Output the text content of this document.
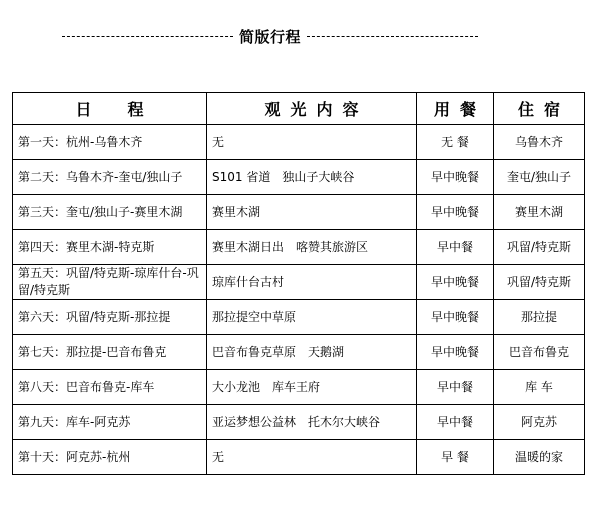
简版行程
日　程	观光内容	用餐	住宿
第一天：杭州-乌鲁木齐	无	无 餐	乌鲁木齐
第二天：乌鲁木齐-奎屯/独山子	S101 省道　独山子大峡谷	早中晚餐	奎屯/独山子
第三天：奎屯/独山子-赛里木湖	赛里木湖	早中晚餐	赛里木湖
第四天：赛里木湖-特克斯	赛里木湖日出　喀赞其旅游区	早中餐	巩留/特克斯
第五天：巩留/特克斯-琼库什台-巩留/特克斯	琼库什台古村	早中晚餐	巩留/特克斯
第六天：巩留/特克斯-那拉提	那拉提空中草原	早中晚餐	那拉提
第七天：那拉提-巴音布鲁克	巴音布鲁克草原　天鹅湖	早中晚餐	巴音布鲁克
第八天：巴音布鲁克-库车	大小龙池　库车王府	早中餐	库 车
第九天：库车-阿克苏	亚运梦想公益林　托木尔大峡谷	早中餐	阿克苏
第十天：阿克苏-杭州	无	早 餐	温暖的家
